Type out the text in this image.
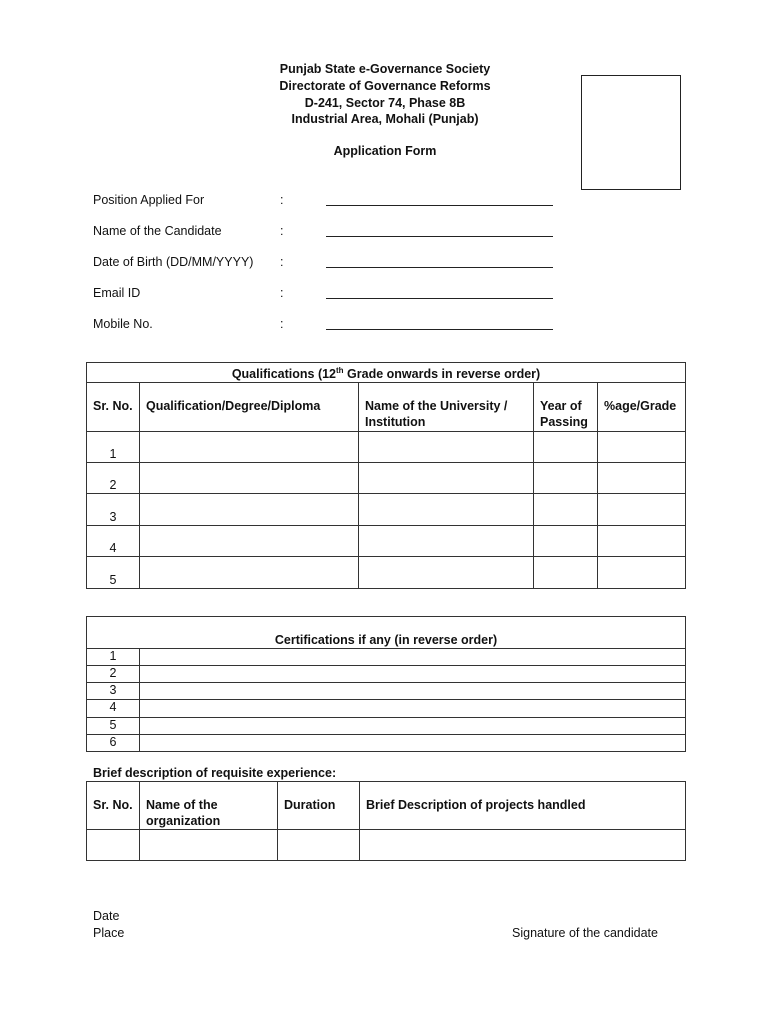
Punjab State e-Governance Society
Directorate of Governance Reforms
D-241, Sector 74, Phase 8B
Industrial Area, Mohali (Punjab)
Application Form
Position Applied For	:
Name of the Candidate	:
Date of Birth (DD/MM/YYYY) :
Email ID	:
Mobile No.	:
Qualifications (12th Grade onwards in reverse order)				
Sr. No.	Qualification/Degree/Diploma	Name of the University / Institution	Year of Passing	%age/Grade
1				
2				
3				
4				
5				
Certifications if any (in reverse order)	
1	
2	
3	
4	
5	
6	
Brief description of requisite experience:
Sr. No.	Name of the organization	Duration	Brief Description of projects handled

Date
Place	Signature of the candidate
